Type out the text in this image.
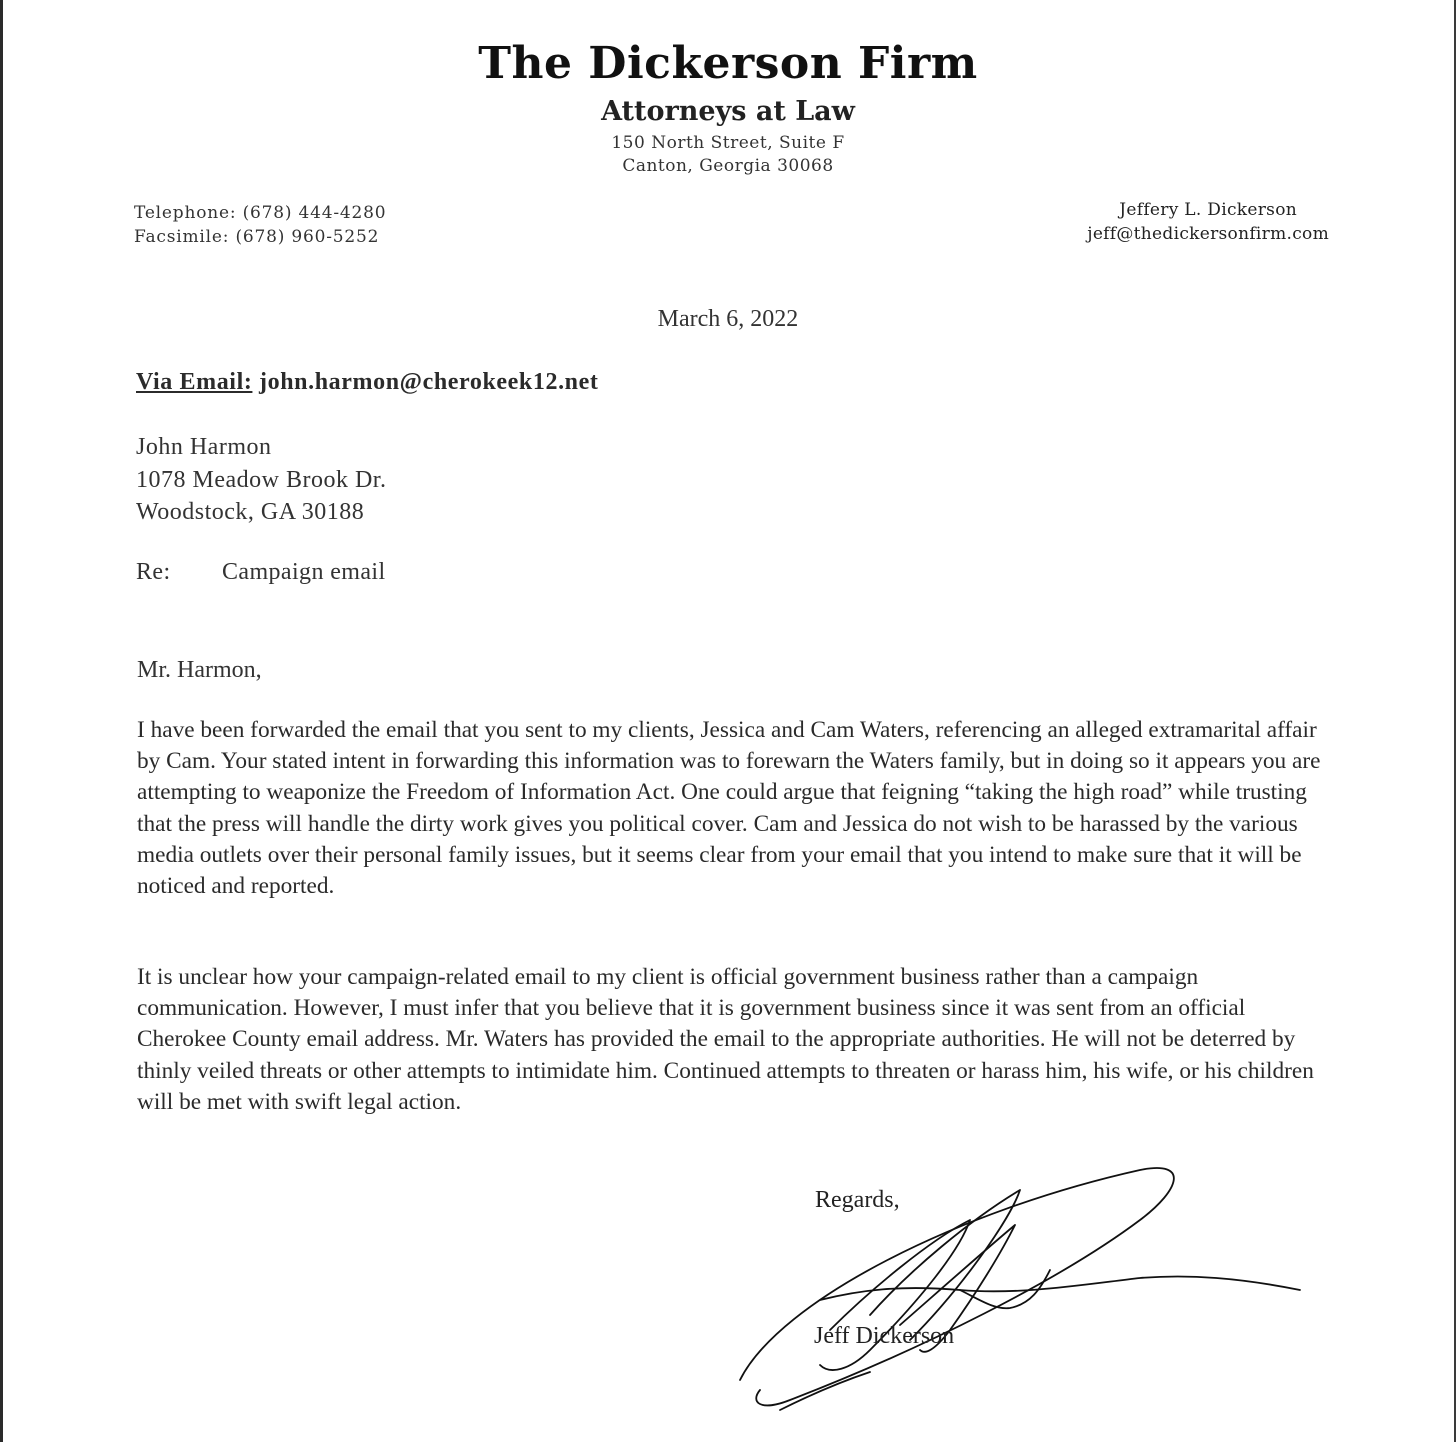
The Dickerson Firm
Attorneys at Law
150 North Street, Suite F
Canton, Georgia 30068
Telephone: (678) 444-4280
Facsimile: (678) 960-5252
Jeffery L. Dickerson
jeff@thedickersonfirm.com
March 6, 2022
Via Email: john.harmon@cherokeek12.net
John Harmon
1078 Meadow Brook Dr.
Woodstock, GA 30188
Re: Campaign email
Mr. Harmon,
I have been forwarded the email that you sent to my clients, Jessica and Cam Waters, referencing an alleged extramarital affair by Cam. Your stated intent in forwarding this information was to forewarn the Waters family, but in doing so it appears you are attempting to weaponize the Freedom of Information Act. One could argue that feigning “taking the high road” while trusting that the press will handle the dirty work gives you political cover. Cam and Jessica do not wish to be harassed by the various media outlets over their personal family issues, but it seems clear from your email that you intend to make sure that it will be noticed and reported.
It is unclear how your campaign-related email to my client is official government business rather than a campaign communication. However, I must infer that you believe that it is government business since it was sent from an official Cherokee County email address. Mr. Waters has provided the email to the appropriate authorities. He will not be deterred by thinly veiled threats or other attempts to intimidate him. Continued attempts to threaten or harass him, his wife, or his children will be met with swift legal action.
Regards,
Jeff Dickerson
